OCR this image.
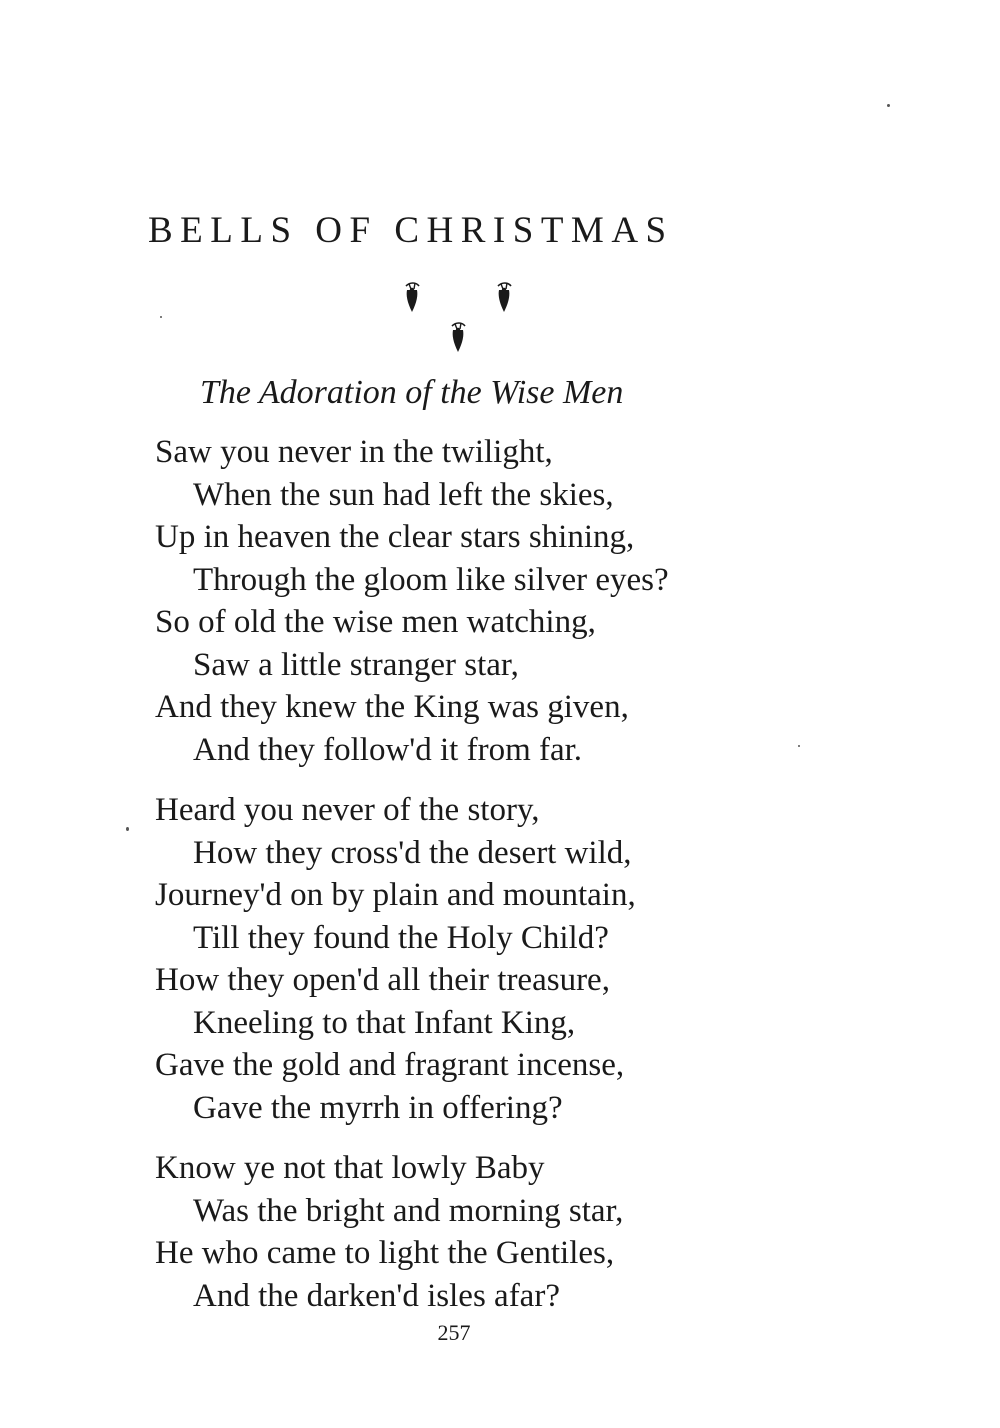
BELLS OF CHRISTMAS
The Adoration of the Wise Men
Saw you never in the twilight,
When the sun had left the skies,
Up in heaven the clear stars shining,
Through the gloom like silver eyes?
So of old the wise men watching,
Saw a little stranger star,
And they knew the King was given,
And they follow'd it from far.
Heard you never of the story,
How they cross'd the desert wild,
Journey'd on by plain and mountain,
Till they found the Holy Child?
How they open'd all their treasure,
Kneeling to that Infant King,
Gave the gold and fragrant incense,
Gave the myrrh in offering?
Know ye not that lowly Baby
Was the bright and morning star,
He who came to light the Gentiles,
And the darken'd isles afar?
257
